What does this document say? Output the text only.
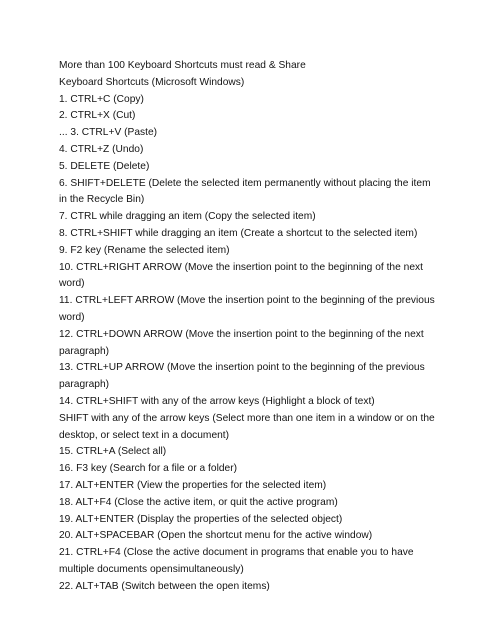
More than 100 Keyboard Shortcuts must read & Share

Keyboard Shortcuts (Microsoft Windows)

1. CTRL+C (Copy)

2. CTRL+X (Cut)

... 3. CTRL+V (Paste)

4. CTRL+Z (Undo)

5. DELETE (Delete)

6. SHIFT+DELETE (Delete the selected item permanently without placing the item in the Recycle Bin)

7. CTRL while dragging an item (Copy the selected item)

8. CTRL+SHIFT while dragging an item (Create a shortcut to the selected item)

9. F2 key (Rename the selected item)

10. CTRL+RIGHT ARROW (Move the insertion point to the beginning of the next word)

11. CTRL+LEFT ARROW (Move the insertion point to the beginning of the previous word)

12. CTRL+DOWN ARROW (Move the insertion point to the beginning of the next paragraph)

13. CTRL+UP ARROW (Move the insertion point to the beginning of the previous paragraph)

14. CTRL+SHIFT with any of the arrow keys (Highlight a block of text)

SHIFT with any of the arrow keys (Select more than one item in a window or on the desktop, or select text in a document)

15. CTRL+A (Select all)

16. F3 key (Search for a file or a folder)

17. ALT+ENTER (View the properties for the selected item)

18. ALT+F4 (Close the active item, or quit the active program)

19. ALT+ENTER (Display the properties of the selected object)

20. ALT+SPACEBAR (Open the shortcut menu for the active window)

21. CTRL+F4 (Close the active document in programs that enable you to have multiple documents opensimultaneously)

22. ALT+TAB (Switch between the open items)
